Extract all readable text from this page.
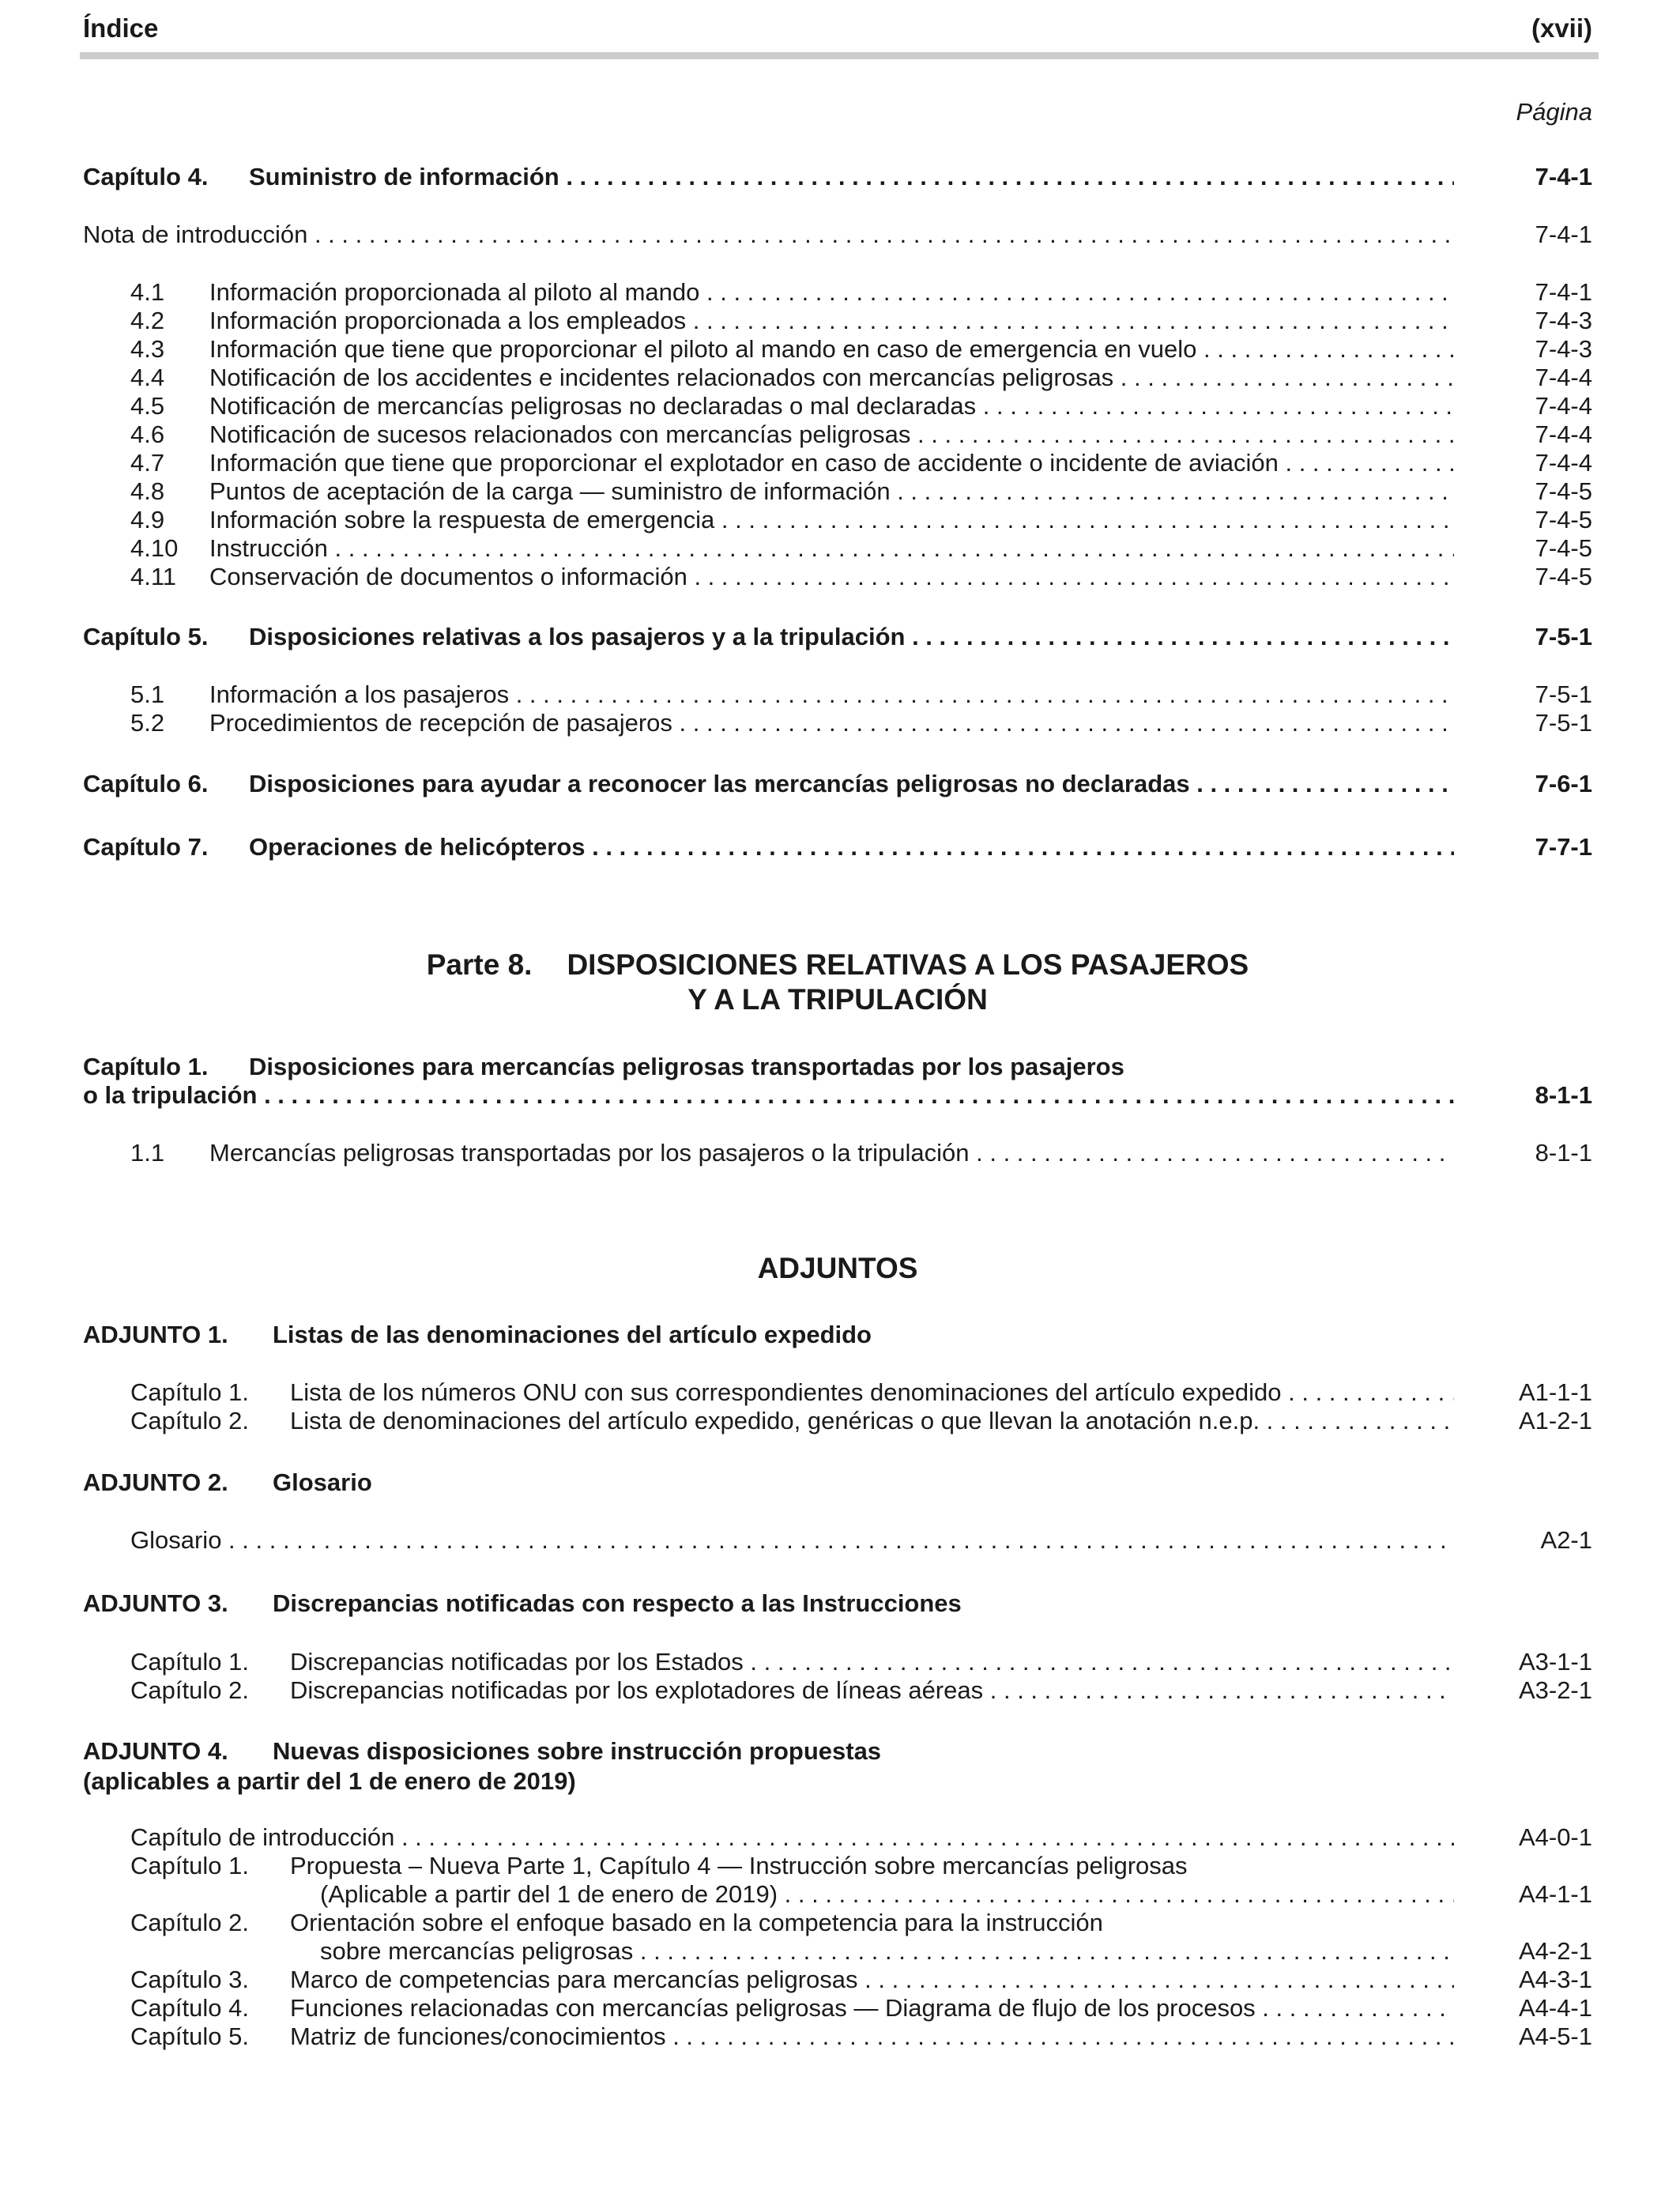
Índice	(xvii)
Página
Capítulo 4. Suministro de información . . .	7-4-1
Nota de introducción . . .	7-4-1
4.1 Información proporcionada al piloto al mando . . .	7-4-1
4.2 Información proporcionada a los empleados . . .	7-4-3
4.3 Información que tiene que proporcionar el piloto al mando en caso de emergencia en vuelo . . .	7-4-3
4.4 Notificación de los accidentes e incidentes relacionados con mercancías peligrosas . . .	7-4-4
4.5 Notificación de mercancías peligrosas no declaradas o mal declaradas . . .	7-4-4
4.6 Notificación de sucesos relacionados con mercancías peligrosas . . .	7-4-4
4.7 Información que tiene que proporcionar el explotador en caso de accidente o incidente de aviación . . .	7-4-4
4.8 Puntos de aceptación de la carga — suministro de información . . .	7-4-5
4.9 Información sobre la respuesta de emergencia . . .	7-4-5
4.10 Instrucción . . .	7-4-5
4.11 Conservación de documentos o información . . .	7-4-5
Capítulo 5. Disposiciones relativas a los pasajeros y a la tripulación . . .	7-5-1
5.1 Información a los pasajeros . . .	7-5-1
5.2 Procedimientos de recepción de pasajeros . . .	7-5-1
Capítulo 6. Disposiciones para ayudar a reconocer las mercancías peligrosas no declaradas . . .	7-6-1
Capítulo 7. Operaciones de helicópteros . . .	7-7-1
Parte 8. DISPOSICIONES RELATIVAS A LOS PASAJEROS
Y A LA TRIPULACIÓN
Capítulo 1. Disposiciones para mercancías peligrosas transportadas por los pasajeros
o la tripulación . . .	8-1-1
1.1 Mercancías peligrosas transportadas por los pasajeros o la tripulación . . .	8-1-1
ADJUNTOS
ADJUNTO 1. Listas de las denominaciones del artículo expedido
Capítulo 1. Lista de los números ONU con sus correspondientes denominaciones del artículo expedido . . .	A1-1-1
Capítulo 2. Lista de denominaciones del artículo expedido, genéricas o que llevan la anotación n.e.p. . . .	A1-2-1
ADJUNTO 2. Glosario
Glosario . . .	A2-1
ADJUNTO 3. Discrepancias notificadas con respecto a las Instrucciones
Capítulo 1. Discrepancias notificadas por los Estados . . .	A3-1-1
Capítulo 2. Discrepancias notificadas por los explotadores de líneas aéreas . . .	A3-2-1
ADJUNTO 4. Nuevas disposiciones sobre instrucción propuestas
(aplicables a partir del 1 de enero de 2019)
Capítulo de introducción . . .	A4-0-1
Capítulo 1. Propuesta – Nueva Parte 1, Capítulo 4 — Instrucción sobre mercancías peligrosas
(Aplicable a partir del 1 de enero de 2019) . . .	A4-1-1
Capítulo 2. Orientación sobre el enfoque basado en la competencia para la instrucción
sobre mercancías peligrosas . . .	A4-2-1
Capítulo 3. Marco de competencias para mercancías peligrosas . . .	A4-3-1
Capítulo 4. Funciones relacionadas con mercancías peligrosas — Diagrama de flujo de los procesos . . .	A4-4-1
Capítulo 5. Matriz de funciones/conocimientos . . .	A4-5-1
